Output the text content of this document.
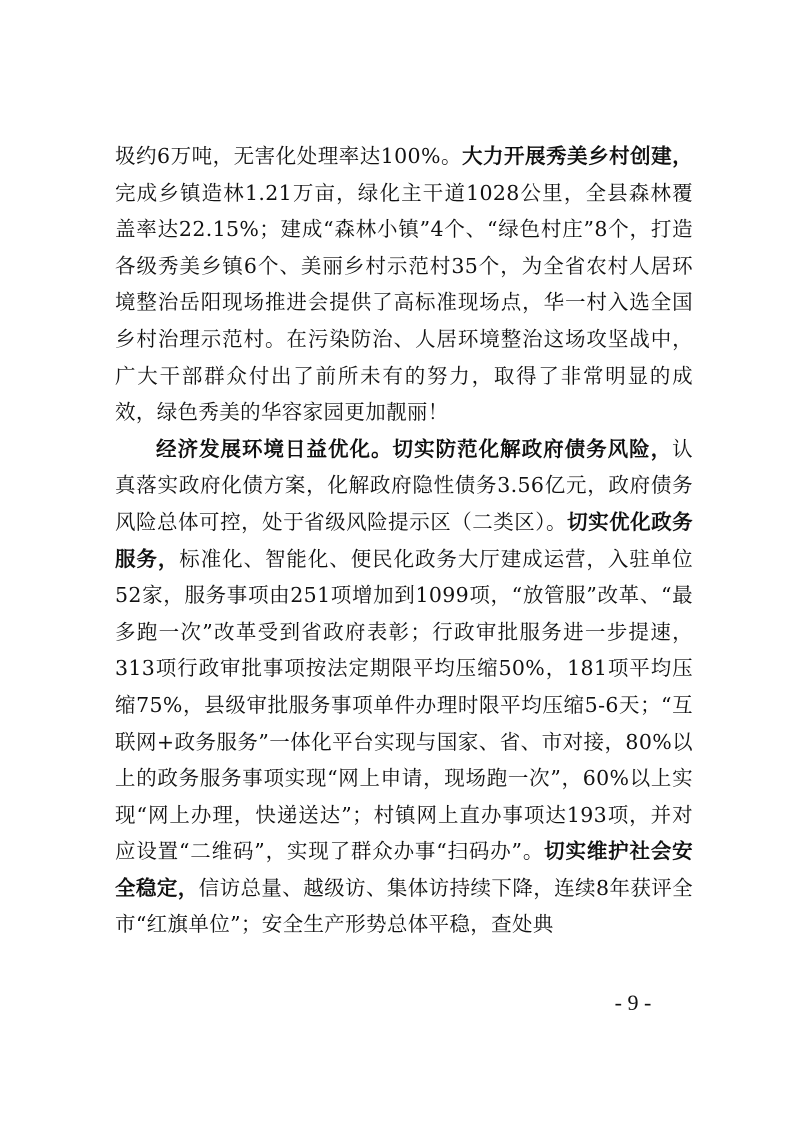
圾约6万吨，无害化处理率达100%。大力开展秀美乡村创建，完成乡镇造林1.21万亩，绿化主干道1028公里，全县森林覆盖率达22.15%；建成“森林小镇”4个、“绿色村庄”8个，打造各级秀美乡镇6个、美丽乡村示范村35个，为全省农村人居环境整治岳阳现场推进会提供了高标准现场点，华一村入选全国乡村治理示范村。在污染防治、人居环境整治这场攻坚战中，广大干部群众付出了前所未有的努力，取得了非常明显的成效，绿色秀美的华容家园更加靓丽！

经济发展环境日益优化。切实防范化解政府债务风险，认真落实政府化债方案，化解政府隐性债务3.56亿元，政府债务风险总体可控，处于省级风险提示区（二类区）。切实优化政务服务，标准化、智能化、便民化政务大厅建成运营，入驻单位52家，服务事项由251项增加到1099项，“放管服”改革、“最多跑一次”改革受到省政府表彰；行政审批服务进一步提速，313项行政审批事项按法定期限平均压缩50%，181项平均压缩75%，县级审批服务事项单件办理时限平均压缩5-6天；“互联网+政务服务”一体化平台实现与国家、省、市对接，80%以上的政务服务事项实现“网上申请，现场跑一次”，60%以上实现“网上办理，快递送达”；村镇网上直办事项达193项，并对应设置“二维码”，实现了群众办事“扫码办”。切实维护社会安全稳定，信访总量、越级访、集体访持续下降，连续8年获评全市“红旗单位”；安全生产形势总体平稳，查处典

- 9 -
